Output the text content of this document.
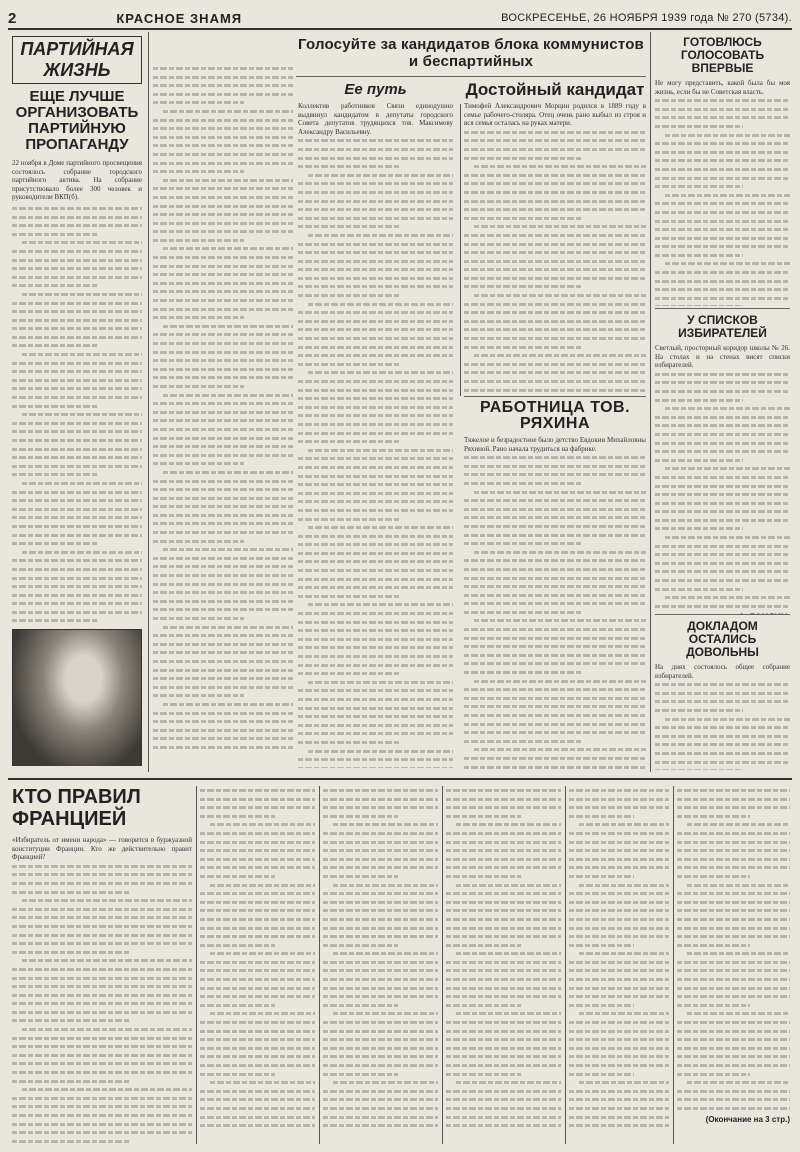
2	КРАСНОЕ ЗНАМЯ	ВОСКРЕСЕНЬЕ, 26 НОЯБРЯ 1939 года № 270 (5734).
ПАРТИЙНАЯ ЖИЗНЬ
ЕЩЕ ЛУЧШЕ ОРГАНИЗОВАТЬ ПАРТИЙНУЮ ПРОПАГАНДУ
22 ноября в Доме партийного просвещения состоялось собрание городского партийного актива. На собрание присутствовало более 300 человек и руководители ВКП(б).

Голосуйте за кандидатов блока коммунистов и беспартийных
Ее путь
Коллектив работников Связи единодушно выдвинул кандидатом в депутаты городского Совета депутатов трудящихся тов. Максимову Александру Васильевну.

Достойный кандидат
Тимофей Александрович Морцин родился в 1889 году в семье рабочего-столяра. Отец очень рано выбыл из строя и вся семья осталась на руках матери.

РАБОТНИЦА ТОВ. РЯХИНА
Тяжелое и безрадостное было детство Евдокии Михайловны Ряхиной. Рано начала трудиться на фабрике.

ГОТОВЛЮСЬ ГОЛОСОВАТЬ ВПЕРВЫЕ
Не могу представить, какой была бы моя жизнь, если бы не Советская власть.

У СПИСКОВ ИЗБИРАТЕЛЕЙ
Светлый, просторный коридор школы № 26. На столах и на стенах висят списки избирателей.

ДОКЛАДОМ ОСТАЛИСЬ ДОВОЛЬНЫ
На днях состоялось общее собрание избирателей.

КТО ПРАВИЛ ФРАНЦИЕЙ
«Избиратель от имени народа» — говорится в буржуазной конституции Франции. Кто же действительно правит Францией?

(Окончание на 3 стр.)
